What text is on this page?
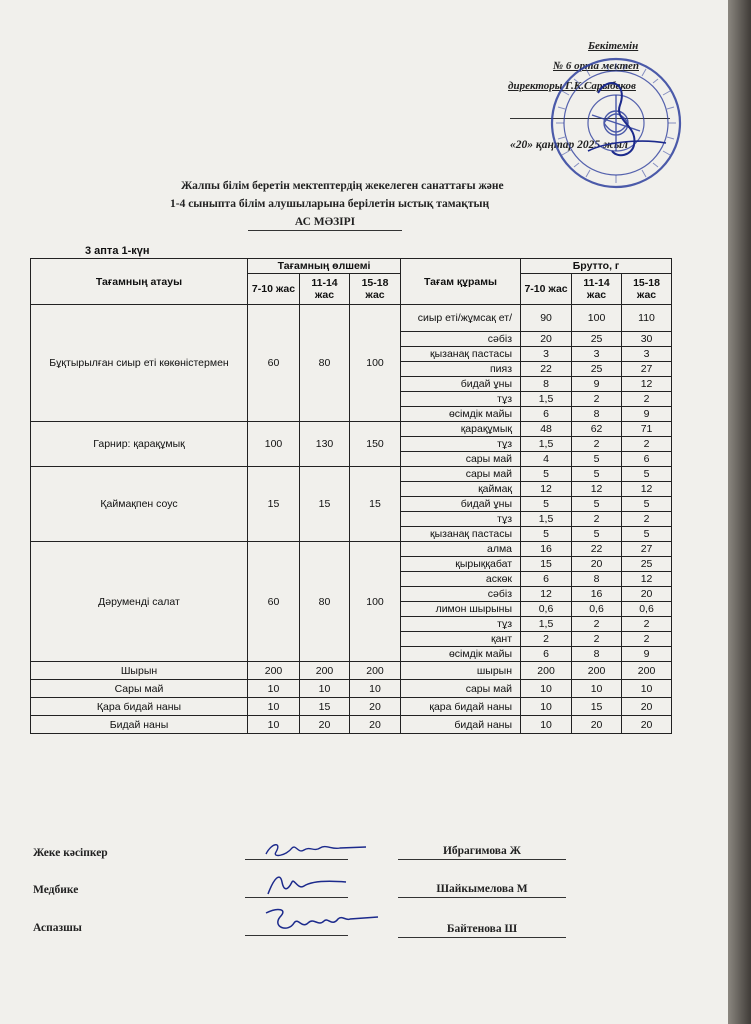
Бекітемін
№ 6 орта мектеп
директоры Г.К.Сарыбеков
«20» қаңтар 2025 жыл
Жалпы білім беретін мектептердің жекелеген санаттағы және
1-4 сыныпта білім алушыларына берілетін ыстық тамақтың
АС МӘЗІРІ
3 апта 1-күн
Тағамның атауы	Тағамның өлшемі			Тағам құрамы	Брутто, г		
	7-10 жас	11-14 жас	15-18 жас		7-10 жас	11-14 жас	15-18 жас
Бұқтырылған сиыр еті көкөністермен	60	80	100	сиыр еті/жұмсақ ет/	90	100	110
				сәбіз	20	25	30
				қызанақ пастасы	3	3	3
				пияз	22	25	27
				бидай ұны	8	9	12
				тұз	1,5	2	2
				өсімдік майы	6	8	9
Гарнир: қарақұмық	100	130	150	қарақұмық	48	62	71
				тұз	1,5	2	2
				сары май	4	5	6
Қаймақпен соус	15	15	15	сары май	5	5	5
				қаймақ	12	12	12
				бидай ұны	5	5	5
				тұз	1,5	2	2
				қызанақ пастасы	5	5	5
Дәруменді салат	60	80	100	алма	16	22	27
				қырыққабат	15	20	25
				аскөк	6	8	12
				сәбіз	12	16	20
				лимон шырыны	0,6	0,6	0,6
				тұз	1,5	2	2
				қант	2	2	2
				өсімдік майы	6	8	9
Шырын	200	200	200	шырын	200	200	200
Сары май	10	10	10	сары май	10	10	10
Қара бидай наны	10	15	20	қара бидай наны	10	15	20
Бидай наны	10	20	20	бидай наны	10	20	20
Жеке кәсіпкер	Ибрагимова Ж
Медбике	Шайкымелова М
Аспазшы	Байтенова Ш
